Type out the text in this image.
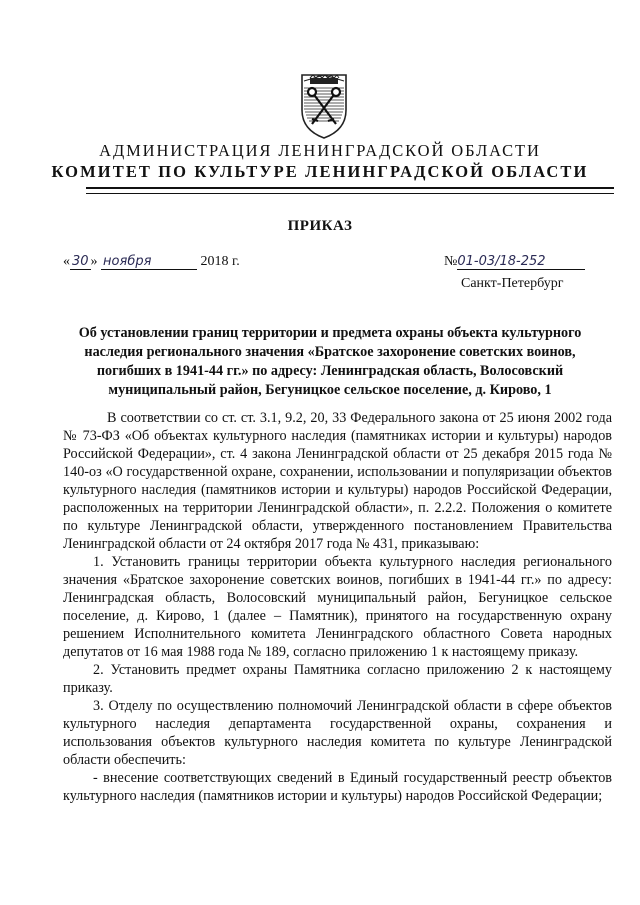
АДМИНИСТРАЦИЯ ЛЕНИНГРАДСКОЙ ОБЛАСТИ
КОМИТЕТ ПО КУЛЬТУРЕ ЛЕНИНГРАДСКОЙ ОБЛАСТИ
ПРИКАЗ
« 30 » ноября	2018 г.	№01-03/18-252
Санкт-Петербург
Об установлении границ территории и предмета охраны объекта культурного наследия регионального значения «Братское захоронение советских воинов, погибших в 1941-44 гг.» по адресу: Ленинградская область, Волосовский муниципальный район, Бегуницкое сельское поселение, д. Кирово, 1

В соответствии со ст. ст. 3.1, 9.2, 20, 33 Федерального закона от 25 июня 2002 года № 73-ФЗ «Об объектах культурного наследия (памятниках истории и культуры) народов Российской Федерации», ст. 4 закона Ленинградской области от 25 декабря 2015 года № 140-оз «О государственной охране, сохранении, использовании и популяризации объектов культурного наследия (памятников истории и культуры) народов Российской Федерации, расположенных на территории Ленинградской области», п. 2.2.2. Положения о комитете по культуре Ленинградской области, утвержденного постановлением Правительства Ленинградской области от 24 октября 2017 года № 431, приказываю:

1. Установить границы территории объекта культурного наследия регионального значения «Братское захоронение советских воинов, погибших в 1941-44 гг.» по адресу: Ленинградская область, Волосовский муниципальный район, Бегуницкое сельское поселение, д. Кирово, 1 (далее – Памятник), принятого на государственную охрану решением Исполнительного комитета Ленинградского областного Совета народных депутатов от 16 мая 1988 года № 189, согласно приложению 1 к настоящему приказу.

2. Установить предмет охраны Памятника согласно приложению 2 к настоящему приказу.

3. Отделу по осуществлению полномочий Ленинградской области в сфере объектов культурного наследия департамента государственной охраны, сохранения и использования объектов культурного наследия комитета по культуре Ленинградской области обеспечить:

- внесение соответствующих сведений в Единый государственный реестр объектов культурного наследия (памятников истории и культуры) народов Российской Федерации;
